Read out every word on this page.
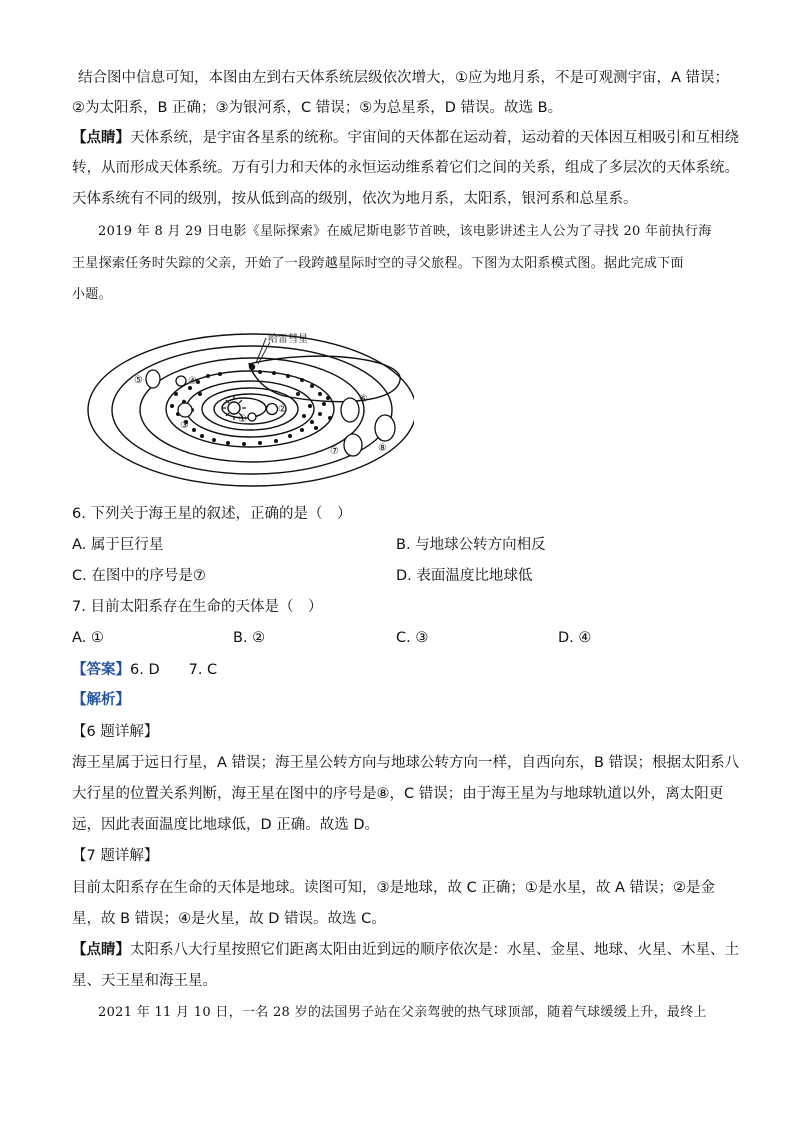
结合图中信息可知，本图由左到右天体系统层级依次增大，①应为地月系，不是可观测宇宙，A 错误；
②为太阳系，B 正确；③为银河系，C 错误；⑤为总星系，D 错误。故选 B。
【点睛】天体系统，是宇宙各星系的统称。宇宙间的天体都在运动着，运动着的天体因互相吸引和互相绕
转，从而形成天体系统。万有引力和天体的永恒运动维系着它们之间的关系，组成了多层次的天体系统。
天体系统有不同的级别，按从低到高的级别，依次为地月系，太阳系，银河系和总星系。
2019 年 8 月 29 日电影《星际探索》在威尼斯电影节首映，该电影讲述主人公为了寻找 20 年前执行海
王星探索任务时失踪的父亲，开始了一段跨越星际时空的寻父旅程。下图为太阳系模式图。据此完成下面
小题。
哈雷彗星
①
②
③
④
⑤
⑥
⑦	⑧
6. 下列关于海王星的叙述，正确的是（　）
A. 属于巨行星	B. 与地球公转方向相反
C. 在图中的序号是⑦	D. 表面温度比地球低
7. 目前太阳系存在生命的天体是（　）
A. ①	B. ②	C. ③	D. ④
【答案】6. D　　7. C
【解析】
【6 题详解】
海王星属于远日行星，A 错误；海王星公转方向与地球公转方向一样，自西向东，B 错误；根据太阳系八
大行星的位置关系判断，海王星在图中的序号是⑧，C 错误；由于海王星为与地球轨道以外，离太阳更
远，因此表面温度比地球低，D 正确。故选 D。
【7 题详解】
目前太阳系存在生命的天体是地球。读图可知，③是地球，故 C 正确；①是水星，故 A 错误；②是金
星，故 B 错误；④是火星，故 D 错误。故选 C。
【点睛】太阳系八大行星按照它们距离太阳由近到远的顺序依次是：水星、金星、地球、火星、木星、土
星、天王星和海王星。
2021 年 11 月 10 日，一名 28 岁的法国男子站在父亲驾驶的热气球顶部，随着气球缓缓上升，最终上
